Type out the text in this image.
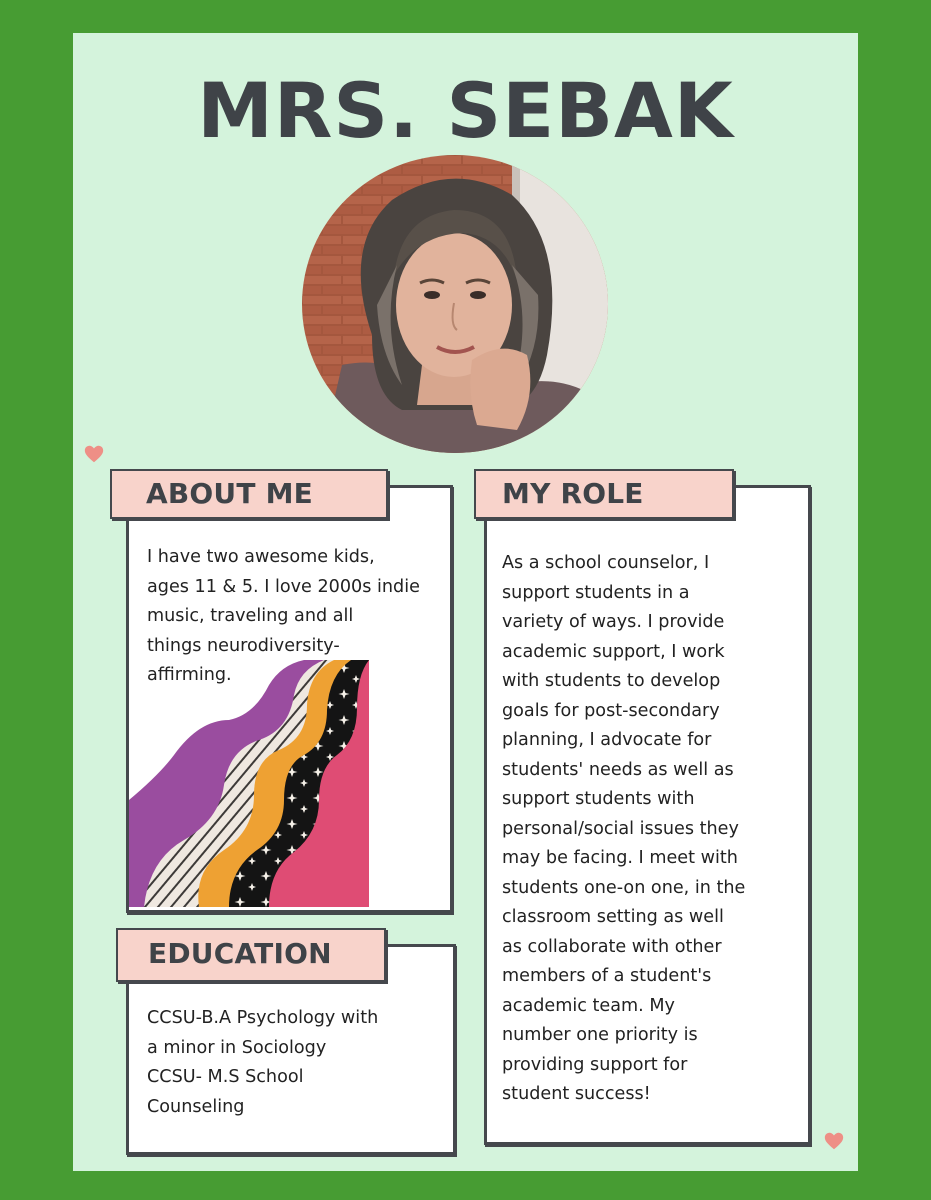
MRS. SEBAK

I have two awesome kids,
ages 11 & 5. I love 2000s indie
music, traveling and all
things neurodiversity-
affirming.

ABOUT ME

As a school counselor, I
support students in a
variety of ways. I provide
academic support, I work
with students to develop
goals for post-secondary
planning, I advocate for
students' needs as well as
support students with
personal/social issues they
may be facing. I meet with
students one-on one, in the
classroom setting as well
as collaborate with other
members of a student's
academic team. My
number one priority is
providing support for
student success!

MY ROLE

CCSU-B.A Psychology with
a minor in Sociology
CCSU- M.S School
Counseling

EDUCATION
